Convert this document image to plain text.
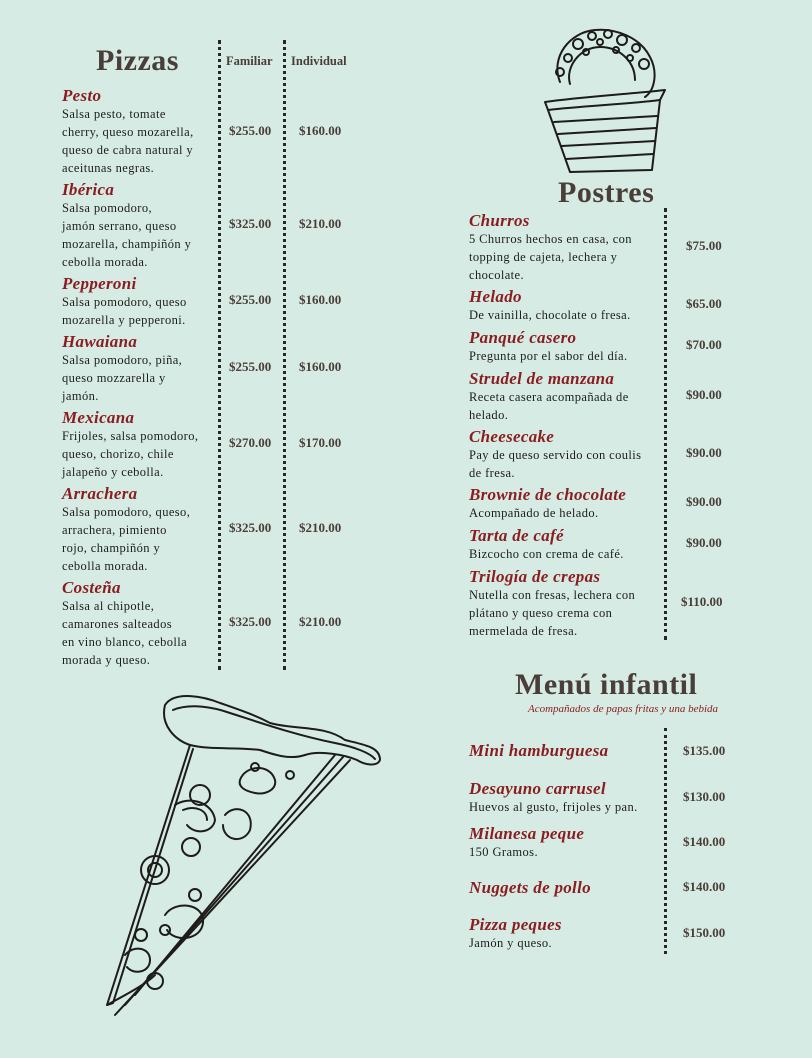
Pizzas	Familiar Individual
Pesto
Salsa pesto, tomate
cherry, queso mozarella,
queso de cabra natural y
aceitunas negras.
$255.00 $160.00
Ibérica
Salsa pomodoro,
jamón serrano, queso
mozarella, champiñón y
cebolla morada.
$325.00 $210.00
Pepperoni
Salsa pomodoro, queso
mozarella y pepperoni.
$255.00 $160.00
Hawaiana
Salsa pomodoro, piña,
queso mozzarella y
jamón.
$255.00 $160.00
Mexicana
Frijoles, salsa pomodoro,
queso, chorizo, chile
jalapeño y cebolla.
$270.00 $170.00
Arrachera
Salsa pomodoro, queso,
arrachera, pimiento
rojo, champiñón y
cebolla morada.
$325.00 $210.00
Costeña
Salsa al chipotle,
camarones salteados
en vino blanco, cebolla
morada y queso.
$325.00 $210.00
Postres
Churros
5 Churros hechos en casa, con
topping de cajeta, lechera y
chocolate.
$75.00
Helado
De vainilla, chocolate o fresa.
$65.00
Panqué casero
Pregunta por el sabor del día.
$70.00
Strudel de manzana
Receta casera acompañada de
helado.
$90.00
Cheesecake
Pay de queso servido con coulis
de fresa.
$90.00
Brownie de chocolate
Acompañado de helado.
$90.00
Tarta de café
Bizcocho con crema de café.
$90.00
Trilogía de crepas
Nutella con fresas, lechera con
plátano y queso crema con
mermelada de fresa.
$110.00
Menú infantil
Acompañados de papas fritas y una bebida
Mini hamburguesa	$135.00
Desayuno carrusel
Huevos al gusto, frijoles y pan.
$130.00
Milanesa peque
150 Gramos.
$140.00
Nuggets de pollo	$140.00
Pizza peques
Jamón y queso.
$150.00
